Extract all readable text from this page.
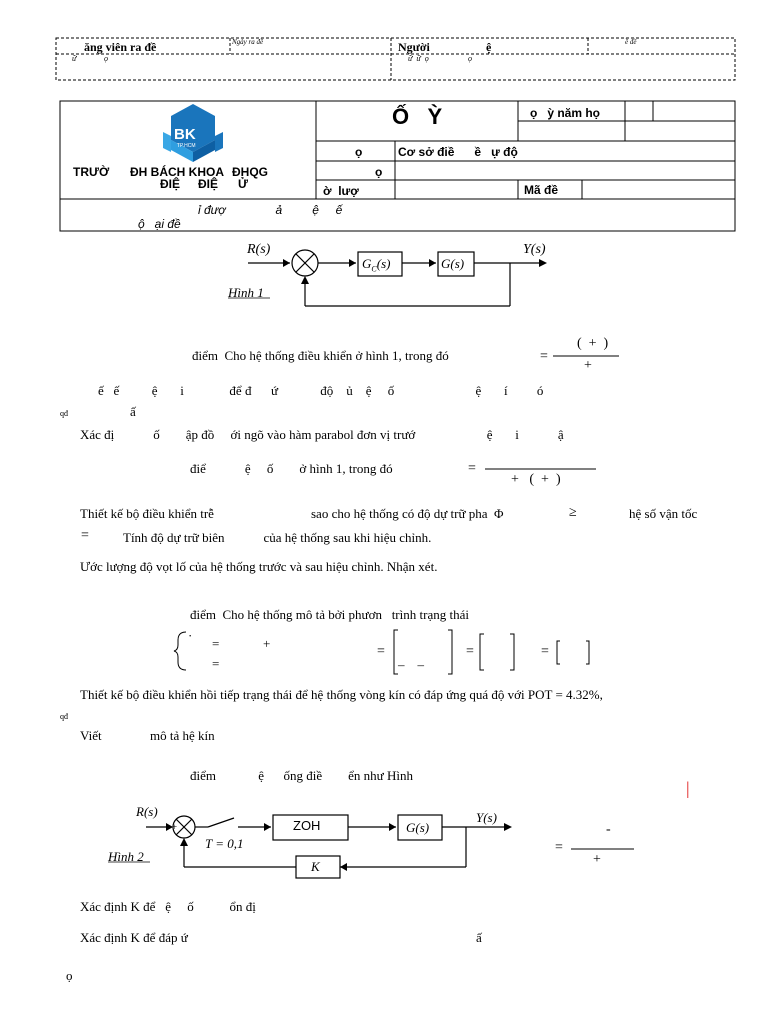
ăng viên ra đề	Ngày ra đề	Người	ệ	ề đề
ữ	ọ	ữ  ữ  ọ	ọ
BK
TP.HCM
TRƯỜ ĐH BÁCH KHOA ĐHQG
ĐIỆ ĐIỆ Ử
Ố   Ỳ	ọ   ỳ năm họ
ọ	Cơ sở điề      ề   ự độ
ọ
ờ  lượ	Mã đề
ỉ đượ               ả         ệ     ế
ộ   ại đề
R(s)	Y(s)
$G_C(s)$	G(s)
Hình 1
điểm  Cho hệ thống điều khiển ở hình 1, trong đó	=
(  +  )
+
ế   ế          ệ       i              để đ      ứ             độ    ủ    ệ     ố                         ệ       í         ó
qđ	ấ
Xác đị            ố        ập đồ     ới ngõ vào hàm parabol đơn vị trướ                      ệ       i            ậ
điể            ệ     ố        ở hình 1, trong đó	=
+   (  +  )
Thiết kế bộ điều khiển trễ	sao cho hệ thống có độ dự trữ pha  Φ	≥	hệ số vận tốc
=	Tính độ dự trữ biên            của hệ thống sau khi hiệu chỉnh.
Ước lượng độ vọt lố của hệ thống trước và sau hiệu chỉnh. Nhận xét.
điểm  Cho hệ thống mô tả bởi phươn   trình trạng thái
·
=	+
=
=
–    –
=	=
Thiết kế bộ điều khiển hồi tiếp trạng thái để hệ thống vòng kín có đáp ứng quá độ với POT = 4.32%,
qđ
Viết	mô tả hệ kín
điểm             ệ      ống điề        ển như Hình
|
R(s)	Y(s)
+	ZOH	G(s)
K
T = 0,1
Hình 2
=
-
+
Xác định K để   ệ     ố           ổn đị
Xác định K để đáp ứ	ấ
ọ
